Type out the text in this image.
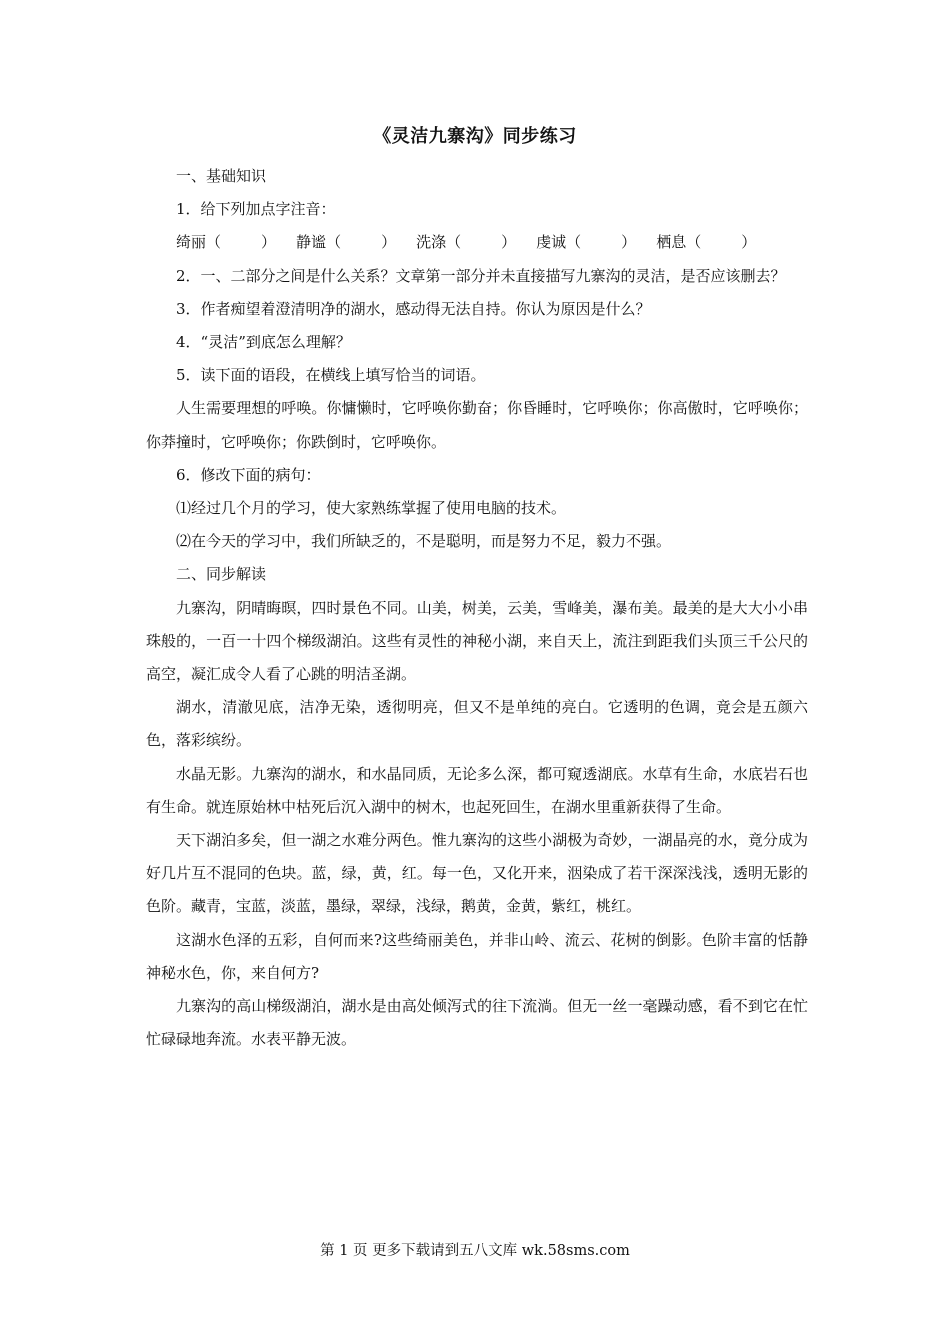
《灵洁九寨沟》同步练习

一、基础知识

1．给下列加点字注音：

绮丽（	） 静谧（	） 洗涤（	） 虔诚（	） 栖息（	）

2．一、二部分之间是什么关系？文章第一部分并未直接描写九寨沟的灵洁，是否应该删去？

3．作者痴望着澄清明净的湖水，感动得无法自持。你认为原因是什么？

4．“灵洁”到底怎么理解？

5．读下面的语段，在横线上填写恰当的词语。

人生需要理想的呼唤。你慵懒时，它呼唤你勤奋；你昏睡时，它呼唤你；你高傲时，它呼唤你；你莽撞时，它呼唤你；你跌倒时，它呼唤你。

6．修改下面的病句：

⑴经过几个月的学习，使大家熟练掌握了使用电脑的技术。

⑵在今天的学习中，我们所缺乏的，不是聪明，而是努力不足，毅力不强。

二、同步解读

九寨沟，阴晴晦暝，四时景色不同。山美，树美，云美，雪峰美，瀑布美。最美的是大大小小串珠般的，一百一十四个梯级湖泊。这些有灵性的神秘小湖，来自天上，流注到距我们头顶三千公尺的高空，凝汇成令人看了心跳的明洁圣湖。

湖水，清澈见底，洁净无染，透彻明亮，但又不是单纯的亮白。它透明的色调，竟会是五颜六色，落彩缤纷。

水晶无影。九寨沟的湖水，和水晶同质，无论多么深，都可窥透湖底。水草有生命，水底岩石也有生命。就连原始林中枯死后沉入湖中的树木，也起死回生，在湖水里重新获得了生命。

天下湖泊多矣，但一湖之水难分两色。惟九寨沟的这些小湖极为奇妙，一湖晶亮的水，竟分成为好几片互不混同的色块。蓝，绿，黄，红。每一色，又化开来，洇染成了若干深深浅浅，透明无影的色阶。藏青，宝蓝，淡蓝，墨绿，翠绿，浅绿，鹅黄，金黄，紫红，桃红。

这湖水色泽的五彩，自何而来?这些绮丽美色，并非山岭、流云、花树的倒影。色阶丰富的恬静神秘水色，你，来自何方?

九寨沟的高山梯级湖泊，湖水是由高处倾泻式的往下流淌。但无一丝一毫躁动感，看不到它在忙忙碌碌地奔流。水表平静无波。

第 1 页 更多下载请到五八文库 wk.58sms.com
